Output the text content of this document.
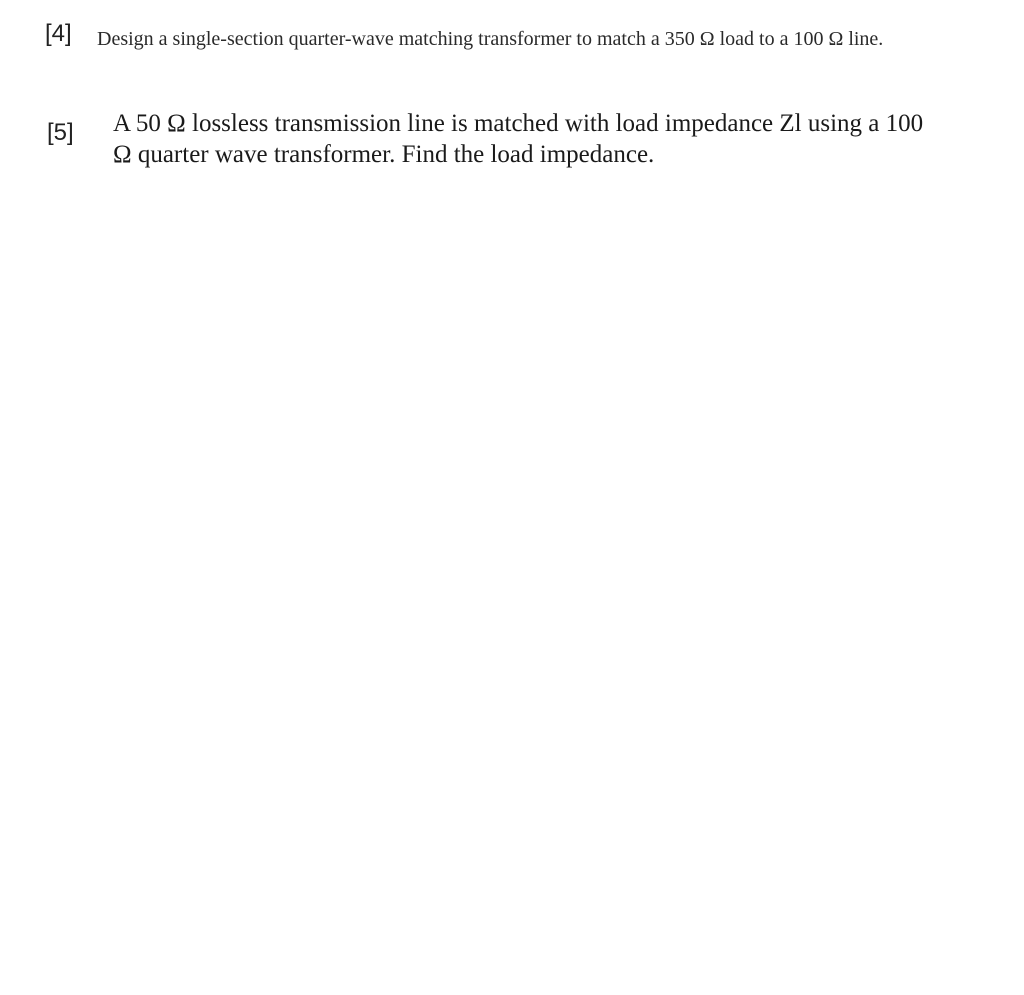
[4] Design a single-section quarter-wave matching transformer to match a 350 Ω load to a 100 Ω line.
[5] A 50 Ω lossless transmission line is matched with load impedance Zl using a 100
Ω quarter wave transformer. Find the load impedance.
